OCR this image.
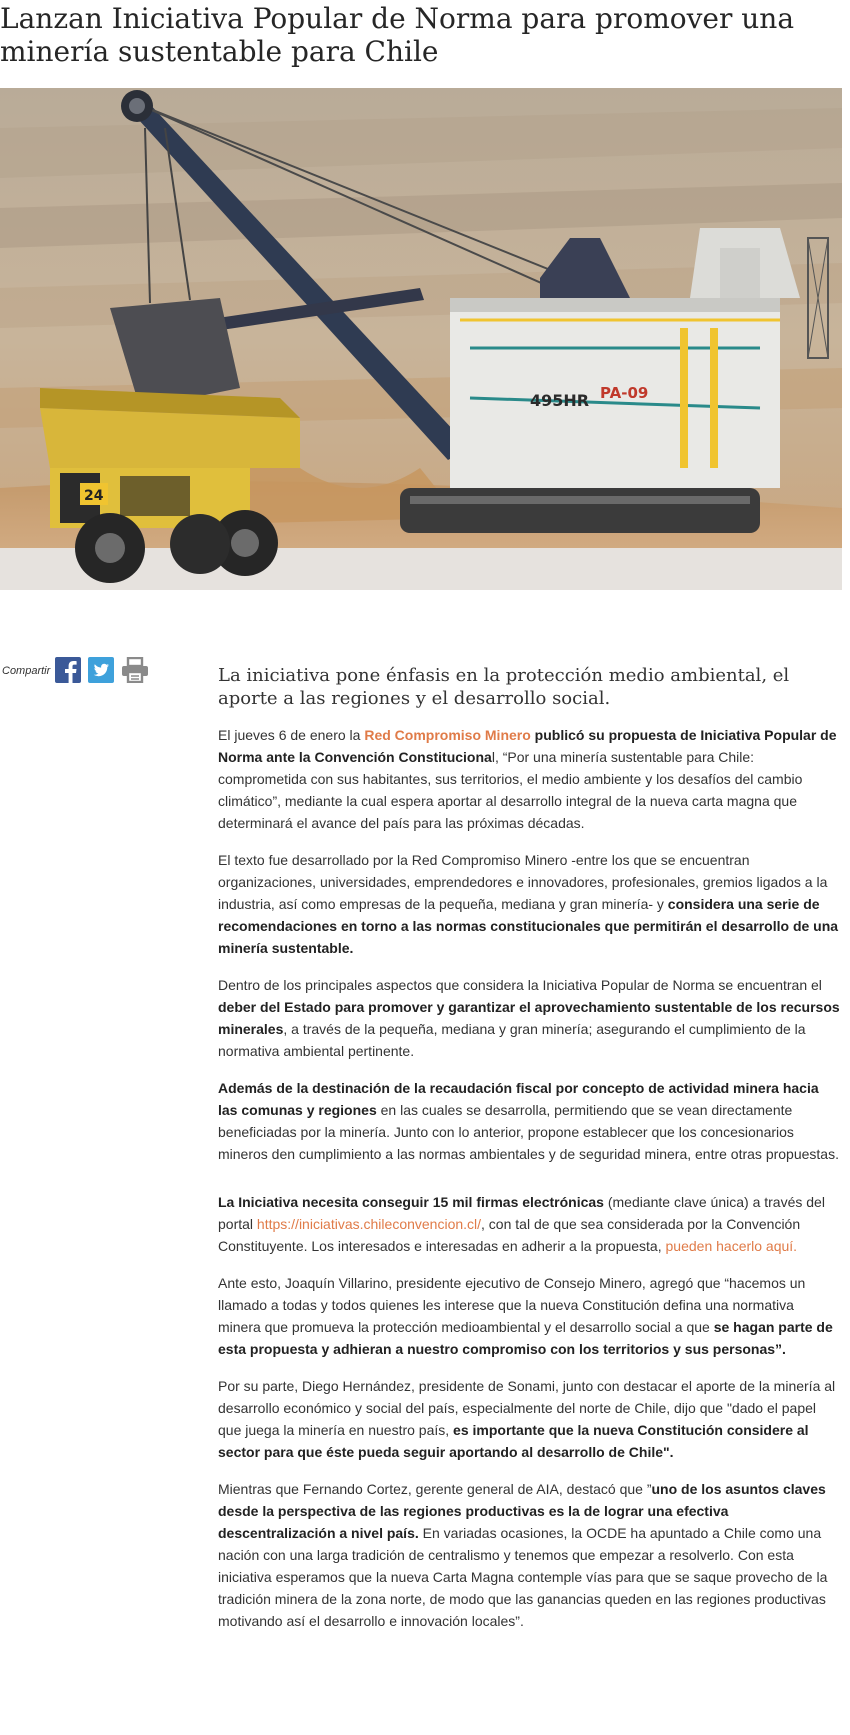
Lanzan Iniciativa Popular de Norma para promover una minería sustentable para Chile
495HR PA-09
24
Compartir	La iniciativa pone énfasis en la protección medio ambiental, el aporte a las regiones y el desarrollo social.

El jueves 6 de enero la Red Compromiso Minero publicó su propuesta de Iniciativa Popular de Norma ante la Convención Constitucional, “Por una minería sustentable para Chile: comprometida con sus habitantes, sus territorios, el medio ambiente y los desafíos del cambio climático”, mediante la cual espera aportar al desarrollo integral de la nueva carta magna que determinará el avance del país para las próximas décadas.

El texto fue desarrollado por la Red Compromiso Minero -entre los que se encuentran organizaciones, universidades, emprendedores e innovadores, profesionales, gremios ligados a la industria, así como empresas de la pequeña, mediana y gran minería- y considera una serie de recomendaciones en torno a las normas constitucionales que permitirán el desarrollo de una minería sustentable.

Dentro de los principales aspectos que considera la Iniciativa Popular de Norma se encuentran el deber del Estado para promover y garantizar el aprovechamiento sustentable de los recursos minerales, a través de la pequeña, mediana y gran minería; asegurando el cumplimiento de la normativa ambiental pertinente.

Además de la destinación de la recaudación fiscal por concepto de actividad minera hacia las comunas y regiones en las cuales se desarrolla, permitiendo que se vean directamente beneficiadas por la minería. Junto con lo anterior, propone establecer que los concesionarios mineros den cumplimiento a las normas ambientales y de seguridad minera, entre otras propuestas.

La Iniciativa necesita conseguir 15 mil firmas electrónicas (mediante clave única) a través del portal https://iniciativas.chileconvencion.cl/, con tal de que sea considerada por la Convención Constituyente. Los interesados e interesadas en adherir a la propuesta, pueden hacerlo aquí.

Ante esto, Joaquín Villarino, presidente ejecutivo de Consejo Minero, agregó que “hacemos un llamado a todas y todos quienes les interese que la nueva Constitución defina una normativa minera que promueva la protección medioambiental y el desarrollo social a que se hagan parte de esta propuesta y adhieran a nuestro compromiso con los territorios y sus personas”.

Por su parte, Diego Hernández, presidente de Sonami, junto con destacar el aporte de la minería al desarrollo económico y social del país, especialmente del norte de Chile, dijo que "dado el papel que juega la minería en nuestro país, es importante que la nueva Constitución considere al sector para que éste pueda seguir aportando al desarrollo de Chile".

Mientras que Fernando Cortez, gerente general de AIA, destacó que ”uno de los asuntos claves desde la perspectiva de las regiones productivas es la de lograr una efectiva descentralización a nivel país. En variadas ocasiones, la OCDE ha apuntado a Chile como una nación con una larga tradición de centralismo y tenemos que empezar a resolverlo. Con esta iniciativa esperamos que la nueva Carta Magna contemple vías para que se saque provecho de la tradición minera de la zona norte, de modo que las ganancias queden en las regiones productivas motivando así el desarrollo e innovación locales”.
